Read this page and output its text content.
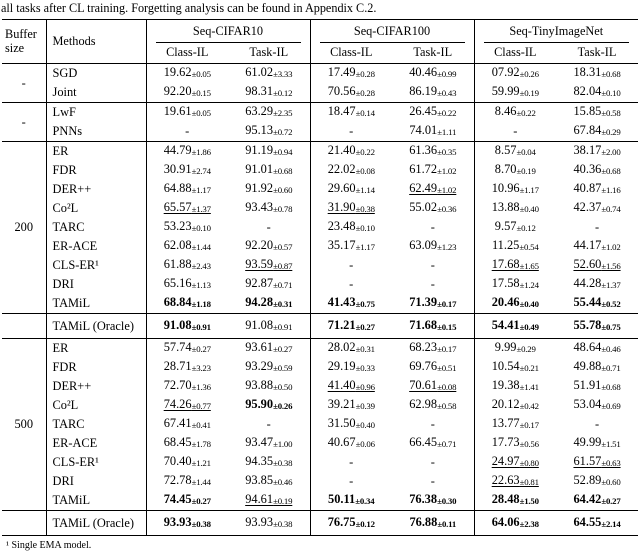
all tasks after CL training. Forgetting analysis can be found in Appendix C.2.
Buffer size	Methods	Seq-CIFAR10		Seq-CIFAR100		Seq-TinyImageNet	

		Class-IL	Task-IL	Class-IL	Task-IL	Class-IL	Task-IL
-	SGD	19.62±0.05	61.02±3.33	17.49±0.28	40.46±0.99	07.92±0.26	18.31±0.68
	Joint	92.20±0.15	98.31±0.12	70.56±0.28	86.19±0.43	59.99±0.19	82.04±0.10
-	LwF	19.61±0.05	63.29±2.35	18.47±0.14	26.45±0.22	8.46±0.22	15.85±0.58
	PNNs	-	95.13±0.72	-	74.01±1.11	-	67.84±0.29
200	ER	44.79±1.86	91.19±0.94	21.40±0.22	61.36±0.35	8.57±0.04	38.17±2.00
	FDR	30.91±2.74	91.01±0.68	22.02±0.08	61.72±1.02	8.70±0.19	40.36±0.68
	DER++	64.88±1.17	91.92±0.60	29.60±1.14	62.49±1.02	10.96±1.17	40.87±1.16
	Co²L	65.57±1.37	93.43±0.78	31.90±0.38	55.02±0.36	13.88±0.40	42.37±0.74
	TARC	53.23±0.10	-	23.48±0.10	-	9.57±0.12	-
	ER-ACE	62.08±1.44	92.20±0.57	35.17±1.17	63.09±1.23	11.25±0.54	44.17±1.02
	CLS-ER¹	61.88±2.43	93.59±0.87	-	-	17.68±1.65	52.60±1.56
	DRI	65.16±1.13	92.87±0.71	-	-	17.58±1.24	44.28±1.37
	TAMiL	68.84±1.18	94.28±0.31	41.43±0.75	71.39±0.17	20.46±0.40	55.44±0.52
	TAMiL (Oracle)	91.08±0.91	91.08±0.91	71.21±0.27	71.68±0.15	54.41±0.49	55.78±0.75
500	ER	57.74±0.27	93.61±0.27	28.02±0.31	68.23±0.17	9.99±0.29	48.64±0.46
	FDR	28.71±3.23	93.29±0.59	29.19±0.33	69.76±0.51	10.54±0.21	49.88±0.71
	DER++	72.70±1.36	93.88±0.50	41.40±0.96	70.61±0.08	19.38±1.41	51.91±0.68
	Co²L	74.26±0.77	95.90±0.26	39.21±0.39	62.98±0.58	20.12±0.42	53.04±0.69
	TARC	67.41±0.41	-	31.50±0.40	-	13.77±0.17	-
	ER-ACE	68.45±1.78	93.47±1.00	40.67±0.06	66.45±0.71	17.73±0.56	49.99±1.51
	CLS-ER¹	70.40±1.21	94.35±0.38	-	-	24.97±0.80	61.57±0.63
	DRI	72.78±1.44	93.85±0.46	-	-	22.63±0.81	52.89±0.60
	TAMiL	74.45±0.27	94.61±0.19	50.11±0.34	76.38±0.30	28.48±1.50	64.42±0.27
	TAMiL (Oracle)	93.93±0.38	93.93±0.38	76.75±0.12	76.88±0.11	64.06±2.38	64.55±2.14
¹ Single EMA model.
